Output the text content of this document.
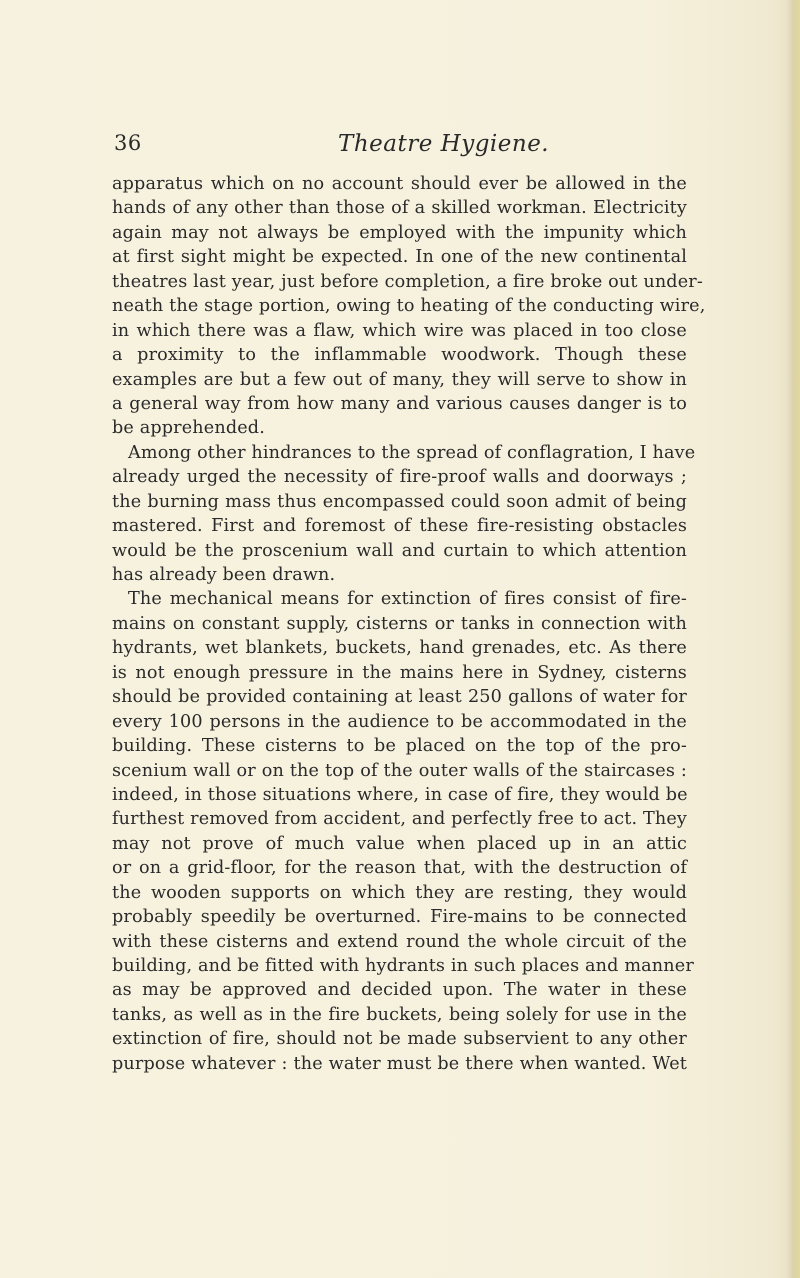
36	Theatre Hygiene.
apparatus which on no account should ever be allowed in the
hands of any other than those of a skilled workman. Electricity
again may not always be employed with the impunity which
at first sight might be expected. In one of the new continental
theatres last year, just before completion, a fire broke out under-
neath the stage portion, owing to heating of the conducting wire,
in which there was a flaw, which wire was placed in too close
a proximity to the inflammable woodwork. Though these
examples are but a few out of many, they will serve to show in
a general way from how many and various causes danger is to
be apprehended.
Among other hindrances to the spread of conflagration, I have
already urged the necessity of fire-proof walls and doorways ;
the burning mass thus encompassed could soon admit of being
mastered. First and foremost of these fire-resisting obstacles
would be the proscenium wall and curtain to which attention
has already been drawn.
The mechanical means for extinction of fires consist of fire-
mains on constant supply, cisterns or tanks in connection with
hydrants, wet blankets, buckets, hand grenades, etc. As there
is not enough pressure in the mains here in Sydney, cisterns
should be provided containing at least 250 gallons of water for
every 100 persons in the audience to be accommodated in the
building. These cisterns to be placed on the top of the pro-
scenium wall or on the top of the outer walls of the staircases :
indeed, in those situations where, in case of fire, they would be
furthest removed from accident, and perfectly free to act. They
may not prove of much value when placed up in an attic
or on a grid-floor, for the reason that, with the destruction of
the wooden supports on which they are resting, they would
probably speedily be overturned. Fire-mains to be connected
with these cisterns and extend round the whole circuit of the
building, and be fitted with hydrants in such places and manner
as may be approved and decided upon. The water in these
tanks, as well as in the fire buckets, being solely for use in the
extinction of fire, should not be made subservient to any other
purpose whatever : the water must be there when wanted. Wet
